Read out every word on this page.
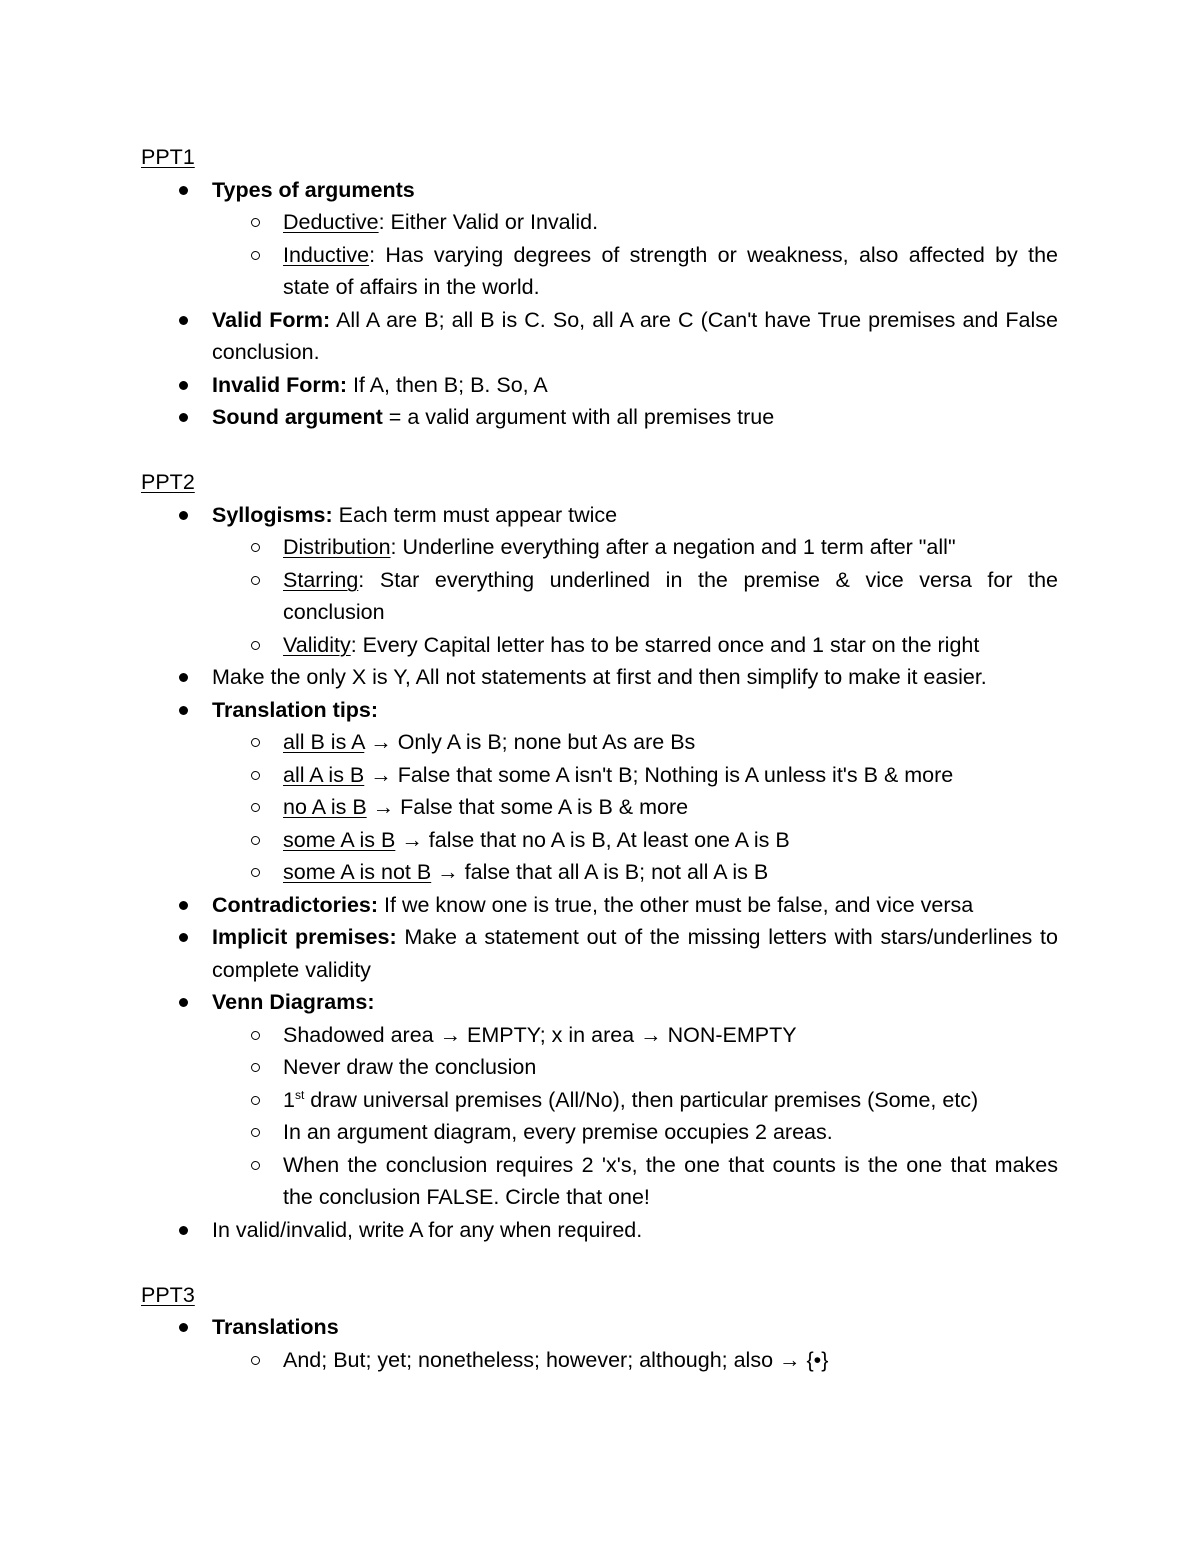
PPT1
Types of arguments
Deductive: Either Valid or Invalid.
Inductive: Has varying degrees of strength or weakness, also affected by the state of affairs in the world.
Valid Form: All A are B; all B is C. So, all A are C (Can't have True premises and False conclusion.
Invalid Form: If A, then B; B. So, A
Sound argument = a valid argument with all premises true
PPT2
Syllogisms: Each term must appear twice
Distribution: Underline everything after a negation and 1 term after "all"
Starring: Star everything underlined in the premise & vice versa for the conclusion
Validity: Every Capital letter has to be starred once and 1 star on the right
Make the only X is Y, All not statements at first and then simplify to make it easier.
Translation tips:
all B is A → Only A is B; none but As are Bs
all A is B → False that some A isn't B; Nothing is A unless it's B & more
no A is B → False that some A is B & more
some A is B → false that no A is B, At least one A is B
some A is not B → false that all A is B; not all A is B
Contradictories: If we know one is true, the other must be false, and vice versa
Implicit premises: Make a statement out of the missing letters with stars/underlines to complete validity
Venn Diagrams:
Shadowed area → EMPTY; x in area → NON-EMPTY
Never draw the conclusion
1st draw universal premises (All/No), then particular premises (Some, etc)
In an argument diagram, every premise occupies 2 areas.
When the conclusion requires 2 'x's, the one that counts is the one that makes the conclusion FALSE. Circle that one!
In valid/invalid, write A for any when required.
PPT3
Translations
And; But; yet; nonetheless; however; although; also → {•}
